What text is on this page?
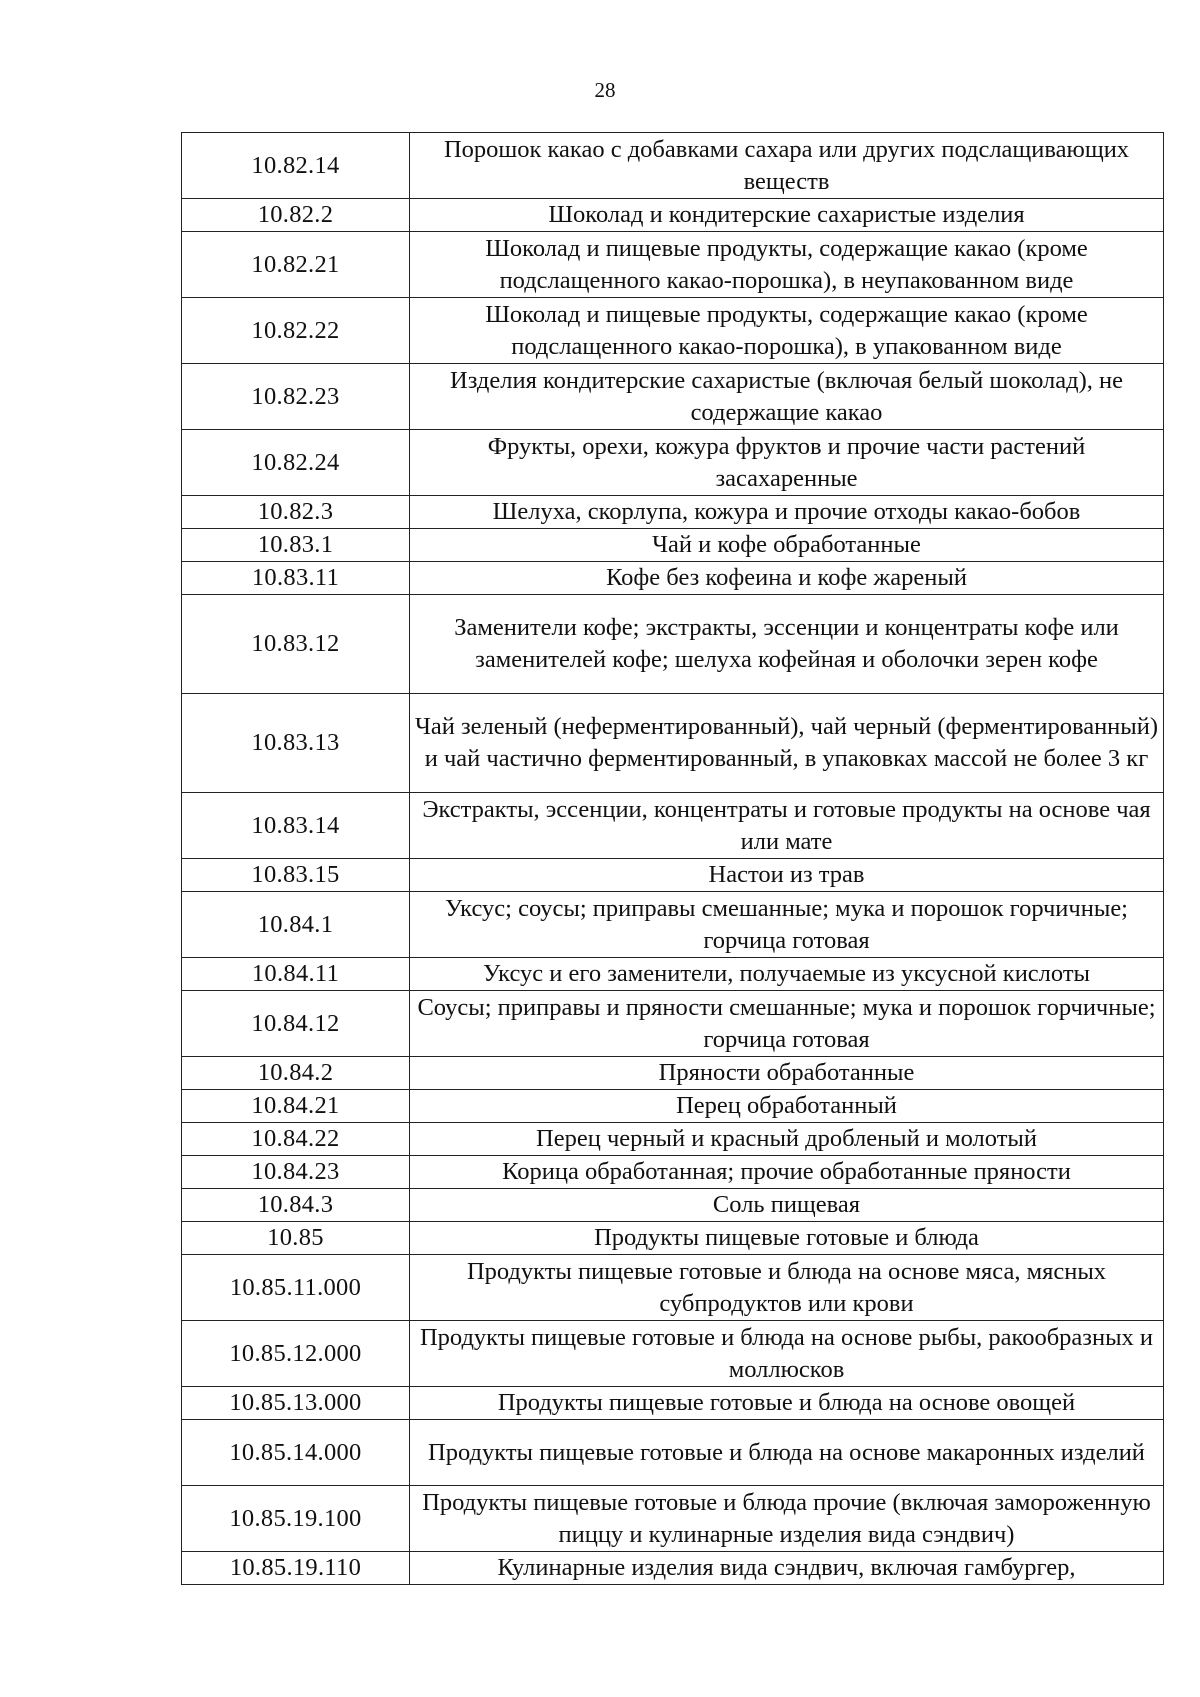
28
10.82.14	Порошок какао с добавками сахара или других подслащивающих веществ
10.82.2	Шоколад и кондитерские сахаристые изделия
10.82.21	Шоколад и пищевые продукты, содержащие какао (кроме подслащенного какао-порошка), в неупакованном виде
10.82.22	Шоколад и пищевые продукты, содержащие какао (кроме подслащенного какао-порошка), в упакованном виде
10.82.23	Изделия кондитерские сахаристые (включая белый шоколад), не содержащие какао
10.82.24	Фрукты, орехи, кожура фруктов и прочие части растений засахаренные
10.82.3	Шелуха, скорлупа, кожура и прочие отходы какао-бобов
10.83.1	Чай и кофе обработанные
10.83.11	Кофе без кофеина и кофе жареный
10.83.12	Заменители кофе; экстракты, эссенции и концентраты кофе или заменителей кофе; шелуха кофейная и оболочки зерен кофе
10.83.13	Чай зеленый (неферментированный), чай черный (ферментированный) и чай частично ферментированный, в упаковках массой не более 3 кг
10.83.14	Экстракты, эссенции, концентраты и готовые продукты на основе чая или мате
10.83.15	Настои из трав
10.84.1	Уксус; соусы; приправы смешанные; мука и порошок горчичные; горчица готовая
10.84.11	Уксус и его заменители, получаемые из уксусной кислоты
10.84.12	Соусы; приправы и пряности смешанные; мука и порошок горчичные; горчица готовая
10.84.2	Пряности обработанные
10.84.21	Перец обработанный
10.84.22	Перец черный и красный дробленый и молотый
10.84.23	Корица обработанная; прочие обработанные пряности
10.84.3	Соль пищевая
10.85	Продукты пищевые готовые и блюда
10.85.11.000	Продукты пищевые готовые и блюда на основе мяса, мясных субпродуктов или крови
10.85.12.000	Продукты пищевые готовые и блюда на основе рыбы, ракообразных и моллюсков
10.85.13.000	Продукты пищевые готовые и блюда на основе овощей
10.85.14.000	Продукты пищевые готовые и блюда на основе макаронных изделий
10.85.19.100	Продукты пищевые готовые и блюда прочие (включая замороженную пиццу и кулинарные изделия вида сэндвич)
10.85.19.110	Кулинарные изделия вида сэндвич, включая гамбургер,
